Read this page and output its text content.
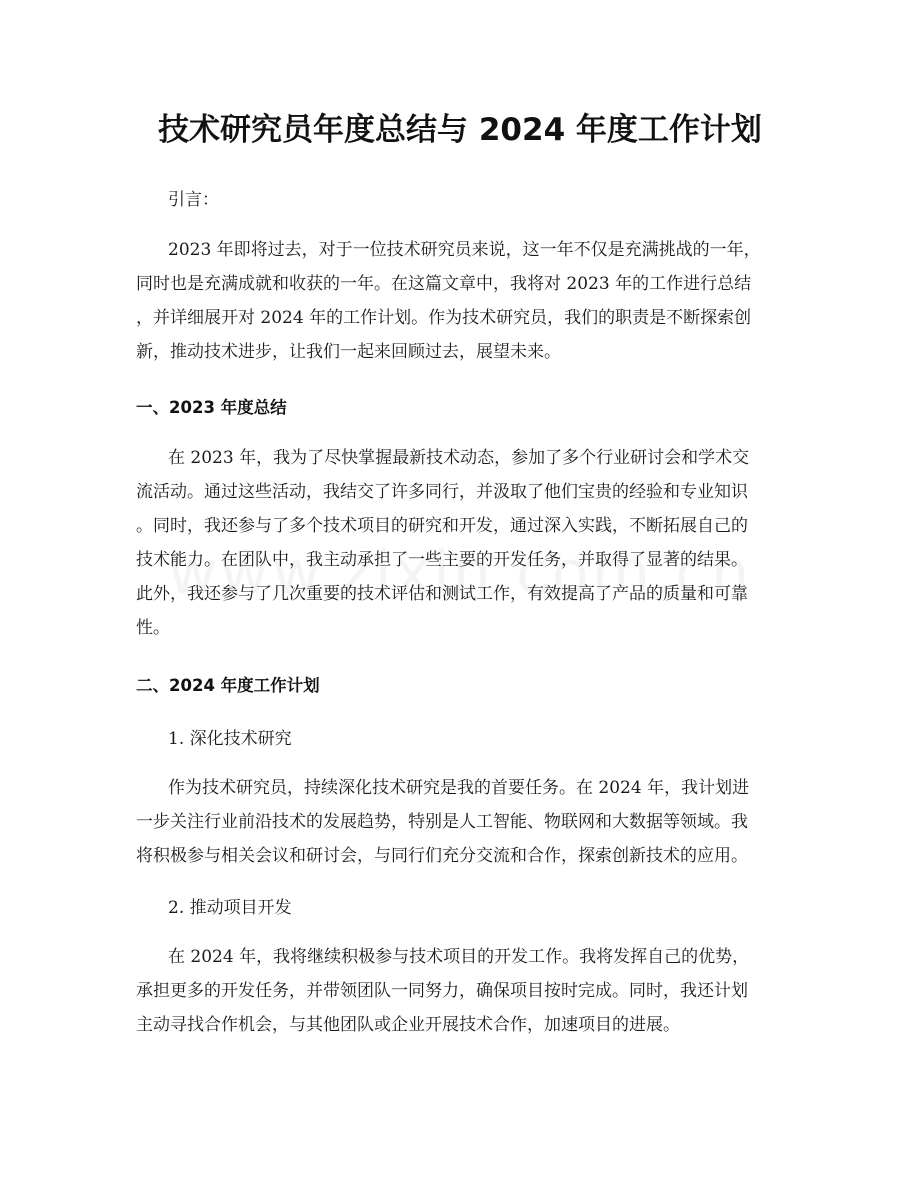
技术研究员年度总结与 2024 年度工作计划
引言：
2023 年即将过去，对于一位技术研究员来说，这一年不仅是充满挑战的一年，
同时也是充满成就和收获的一年。在这篇文章中，我将对 2023 年的工作进行总结
，并详细展开对 2024 年的工作计划。作为技术研究员，我们的职责是不断探索创
新，推动技术进步，让我们一起来回顾过去，展望未来。
一、2023 年度总结
在 2023 年，我为了尽快掌握最新技术动态，参加了多个行业研讨会和学术交
流活动。通过这些活动，我结交了许多同行，并汲取了他们宝贵的经验和专业知识
。同时，我还参与了多个技术项目的研究和开发，通过深入实践，不断拓展自己的
技术能力。在团队中，我主动承担了一些主要的开发任务，并取得了显著的结果。
此外，我还参与了几次重要的技术评估和测试工作，有效提高了产品的质量和可靠
性。
二、2024 年度工作计划
1. 深化技术研究
作为技术研究员，持续深化技术研究是我的首要任务。在 2024 年，我计划进
一步关注行业前沿技术的发展趋势，特别是人工智能、物联网和大数据等领域。我
将积极参与相关会议和研讨会，与同行们充分交流和合作，探索创新技术的应用。
2. 推动项目开发
在 2024 年，我将继续积极参与技术项目的开发工作。我将发挥自己的优势，
承担更多的开发任务，并带领团队一同努力，确保项目按时完成。同时，我还计划
主动寻找合作机会，与其他团队或企业开展技术合作，加速项目的进展。
